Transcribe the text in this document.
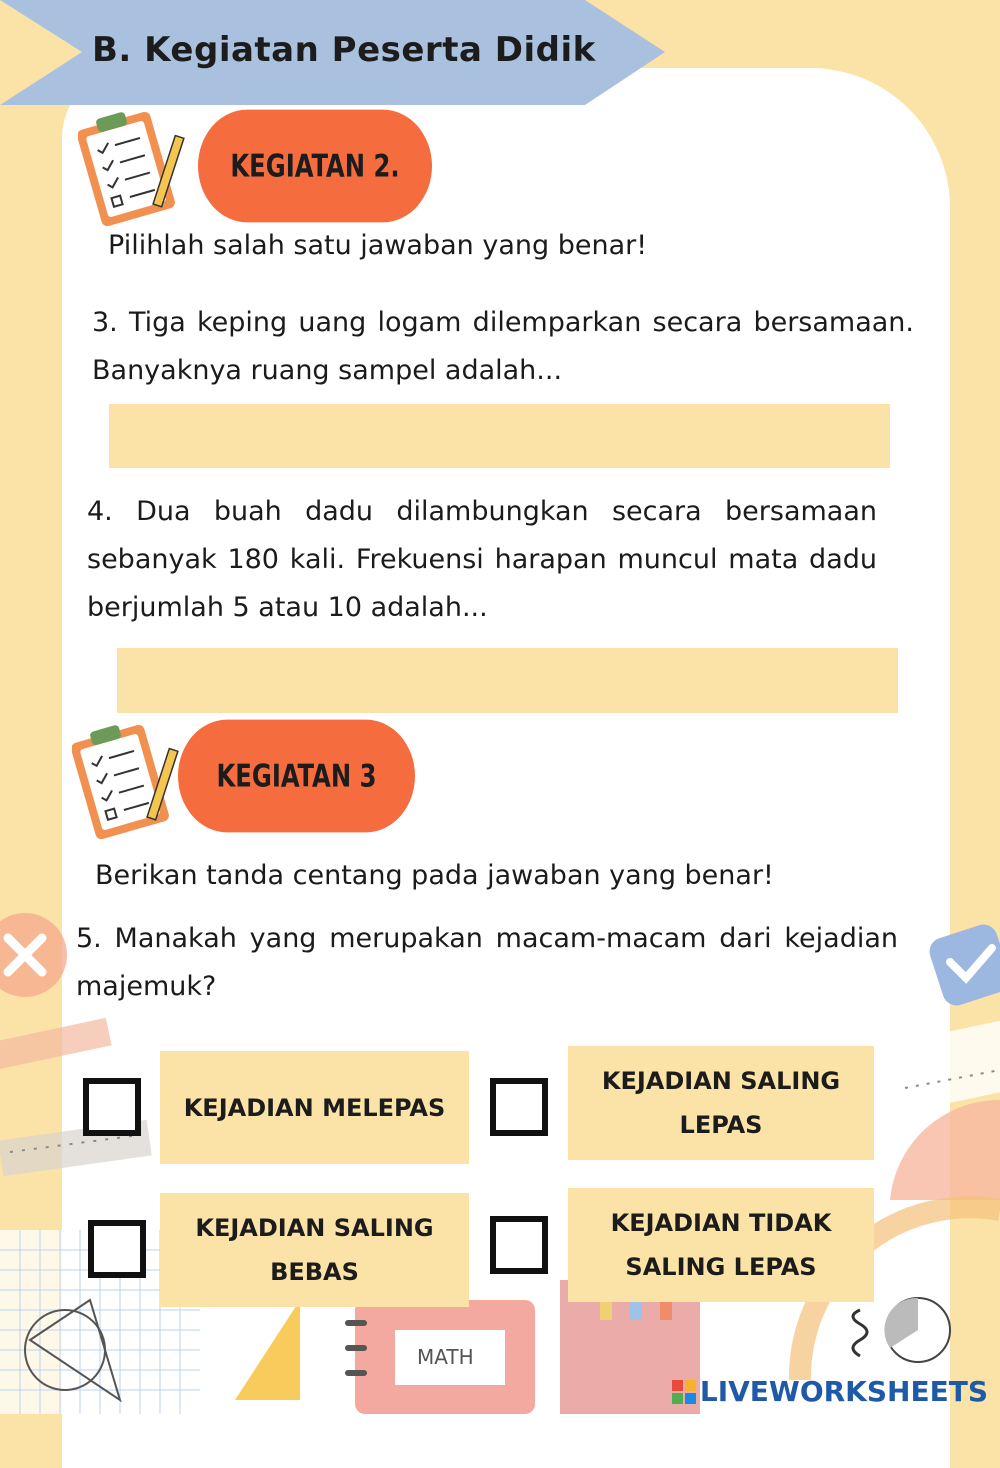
MATH
B. Kegiatan Peserta Didik
KEGIATAN 2.
Pilihlah salah satu jawaban yang benar!
3. Tiga keping uang logam dilemparkan secara bersamaan. Banyaknya ruang sampel adalah...
4. Dua buah dadu dilambungkan secara bersamaan sebanyak 180 kali. Frekuensi harapan muncul mata dadu berjumlah 5 atau 10 adalah...
KEGIATAN 3
Berikan tanda centang pada jawaban yang benar!
5. Manakah yang merupakan macam-macam dari kejadian majemuk?
KEJADIAN MELEPAS
KEJADIAN SALING LEPAS
KEJADIAN SALING BEBAS
KEJADIAN TIDAK SALING LEPAS
LIVEWORKSHEETS
